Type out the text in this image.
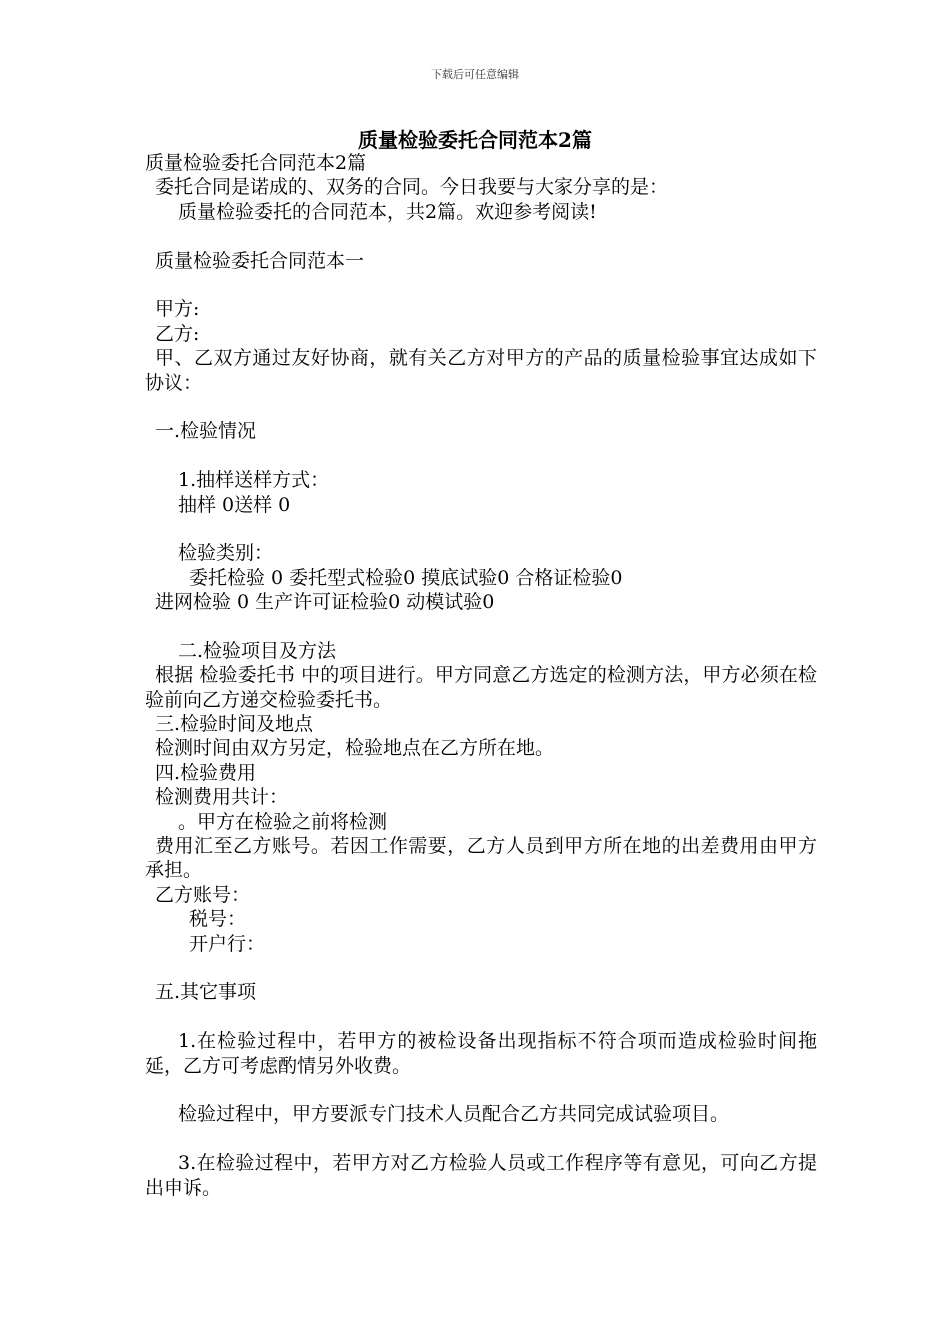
下载后可任意编辑
质量检验委托合同范本2篇
质量检验委托合同范本2篇
委托合同是诺成的、双务的合同。今日我要与大家分享的是：
质量检验委托的合同范本，共2篇。欢迎参考阅读!
质量检验委托合同范本一
甲方:
乙方:
甲、乙双方通过友好协商，就有关乙方对甲方的产品的质量检验事宜达成如下协议：
一.检验情况
1.抽样送样方式：
抽样 0送样 0
检验类别：
委托检验 0 委托型式检验0 摸底试验0 合格证检验0
进网检验 0 生产许可证检验0 动模试验0
二.检验项目及方法
根据 检验委托书 中的项目进行。甲方同意乙方选定的检测方法，甲方必须在检验前向乙方递交检验委托书。
三.检验时间及地点
检测时间由双方另定，检验地点在乙方所在地。
四.检验费用
检测费用共计：
。甲方在检验之前将检测
费用汇至乙方账号。若因工作需要，乙方人员到甲方所在地的出差费用由甲方承担。
乙方账号：
税号：
开户行：
五.其它事项
1.在检验过程中，若甲方的被检设备出现指标不符合项而造成检验时间拖延，乙方可考虑酌情另外收费。
检验过程中，甲方要派专门技术人员配合乙方共同完成试验项目。
3.在检验过程中，若甲方对乙方检验人员或工作程序等有意见，可向乙方提出申诉。
